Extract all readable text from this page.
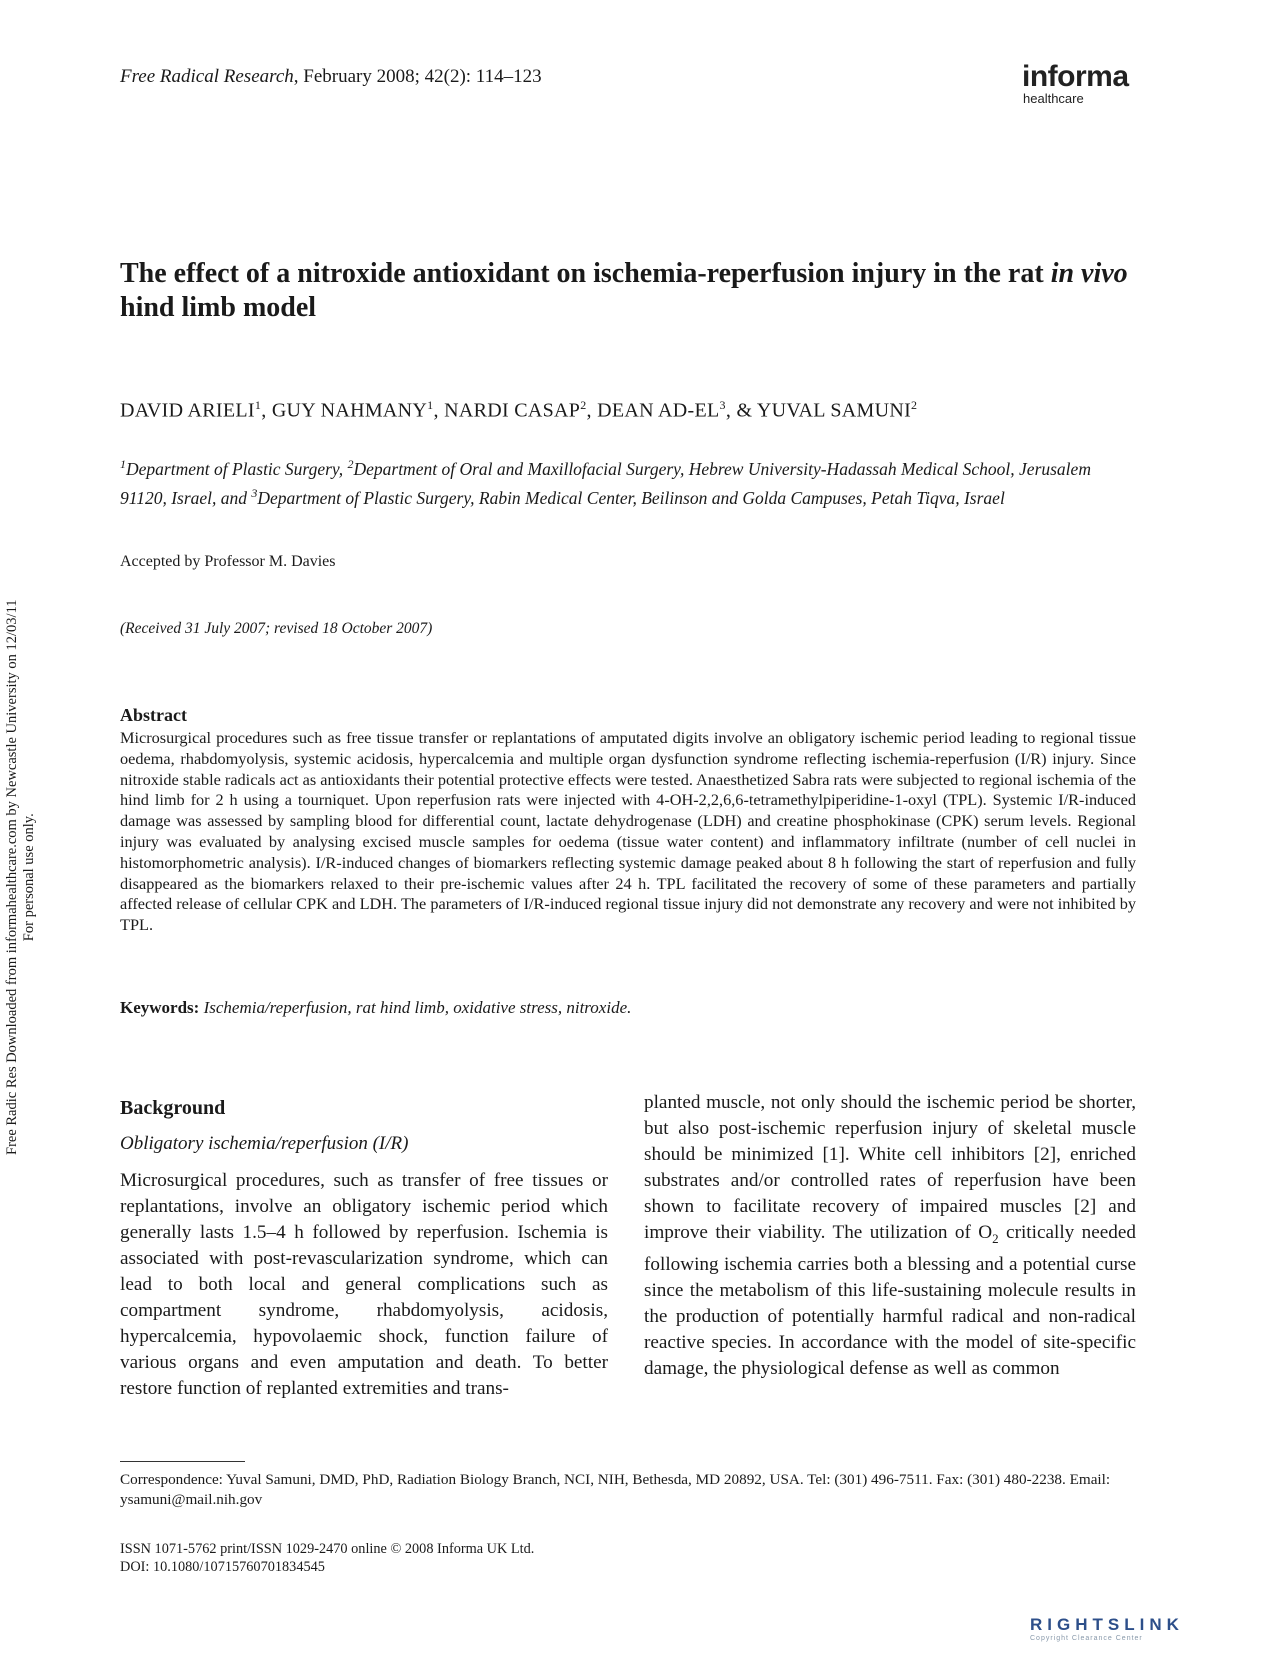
Free Radical Research, February 2008; 42(2): 114–123	informa
healthcare
The effect of a nitroxide antioxidant on ischemia-reperfusion injury in the rat in vivo hind limb model
DAVID ARIELI$^1$, GUY NAHMANY$^1$, NARDI CASAP$^2$, DEAN $AD-EL^3$, & YUVAL SAMUNI$^2$
$^1$Department of Plastic Surgery, $^2$Department of Oral and Maxillofacial Surgery, Hebrew University-Hadassah Medical School, Jerusalem 91120, Israel, and $^3$Department of Plastic Surgery, Rabin Medical Center, Beilinson and Golda Campuses, Petah Tiqva, Israel
Accepted by Professor M. Davies
(Received 31 July 2007; revised 18 October 2007)
Abstract
Microsurgical procedures such as free tissue transfer or replantations of amputated digits involve an obligatory ischemic period leading to regional tissue oedema, rhabdomyolysis, systemic acidosis, hypercalcemia and multiple organ dysfunction syndrome reflecting ischemia-reperfusion (I/R) injury. Since nitroxide stable radicals act as antioxidants their potential protective effects were tested. Anaesthetized Sabra rats were subjected to regional ischemia of the hind limb for 2 h using a tourniquet. Upon reperfusion rats were injected with 4-OH-2,2,6,6-tetramethylpiperidine-1-oxyl (TPL). Systemic I/R-induced damage was assessed by sampling blood for differential count, lactate dehydrogenase (LDH) and creatine phosphokinase (CPK) serum levels. Regional injury was evaluated by analysing excised muscle samples for oedema (tissue water content) and inflammatory infiltrate (number of cell nuclei in histomorphometric analysis). I/R-induced changes of biomarkers reflecting systemic damage peaked about 8 h following the start of reperfusion and fully disappeared as the biomarkers relaxed to their pre-ischemic values after 24 h. TPL facilitated the recovery of some of these parameters and partially affected release of cellular CPK and LDH. The parameters of I/R-induced regional tissue injury did not demonstrate any recovery and were not inhibited by TPL.
Keywords: Ischemia/reperfusion, rat hind limb, oxidative stress, nitroxide.
Background
Obligatory ischemia/reperfusion (I/R)
Microsurgical procedures, such as transfer of free tissues or replantations, involve an obligatory ischemic period which generally lasts 1.5–4 h followed by reperfusion. Ischemia is associated with post-revascularization syndrome, which can lead to both local and general complications such as compartment syndrome, rhabdomyolysis, acidosis, hypercalcemia, hypovolaemic shock, function failure of various organs and even amputation and death. To better restore function of replanted extremities and trans-
planted muscle, not only should the ischemic period be shorter, but also post-ischemic reperfusion injury of skeletal muscle should be minimized [1]. White cell inhibitors [2], enriched substrates and/or controlled rates of reperfusion have been shown to facilitate recovery of impaired muscles [2] and improve their viability. The utilization of $O_2$ critically needed following ischemia carries both a blessing and a potential curse since the metabolism of this life-sustaining molecule results in the production of potentially harmful radical and non-radical reactive species. In accordance with the model of site-specific damage, the physiological defense as well as common
Correspondence: Yuval Samuni, DMD, PhD, Radiation Biology Branch, NCI, NIH, Bethesda, MD 20892, USA. Tel: (301) 496-7511. Fax: (301) 480-2238. Email: ysamuni@mail.nih.gov
ISSN 1071-5762 print/ISSN 1029-2470 online © 2008 Informa UK Ltd.
DOI: 10.1080/10715760701834545
Free Radic Res Downloaded from informahealthcare.com by Newcastle University on 12/03/11 For personal use only.
RIGHTSLINK
Copyright Clearance Center
